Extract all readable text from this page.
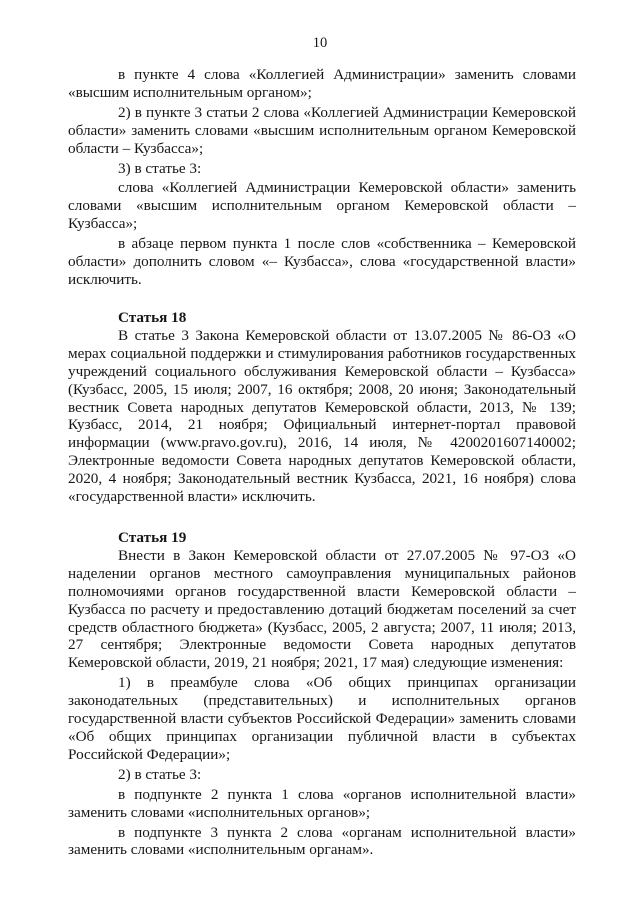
10

в пункте 4 слова «Коллегией Администрации» заменить словами «высшим исполнительным органом»;

2) в пункте 3 статьи 2 слова «Коллегией Администрации Кемеровской области» заменить словами «высшим исполнительным органом Кемеровской области – Кузбасса»;

3) в статье 3:

слова «Коллегией Администрации Кемеровской области» заменить словами «высшим исполнительным органом Кемеровской области – Кузбасса»;

в абзаце первом пункта 1 после слов «собственника – Кемеровской области» дополнить словом «– Кузбасса», слова «государственной власти» исключить.

Статья 18

В статье 3 Закона Кемеровской области от 13.07.2005 № 86-ОЗ «О мерах социальной поддержки и стимулирования работников государственных учреждений социального обслуживания Кемеровской области – Кузбасса» (Кузбасс, 2005, 15 июля; 2007, 16 октября; 2008, 20 июня; Законодательный вестник Совета народных депутатов Кемеровской области, 2013, № 139; Кузбасс, 2014, 21 ноября; Официальный интернет-портал правовой информации (www.pravo.gov.ru), 2016, 14 июля, № 4200201607140002; Электронные ведомости Совета народных депутатов Кемеровской области, 2020, 4 ноября; Законодательный вестник Кузбасса, 2021, 16 ноября) слова «государственной власти» исключить.

Статья 19

Внести в Закон Кемеровской области от 27.07.2005 № 97-ОЗ «О наделении органов местного самоуправления муниципальных районов полномочиями органов государственной власти Кемеровской области – Кузбасса по расчету и предоставлению дотаций бюджетам поселений за счет средств областного бюджета» (Кузбасс, 2005, 2 августа; 2007, 11 июля; 2013, 27 сентября; Электронные ведомости Совета народных депутатов Кемеровской области, 2019, 21 ноября; 2021, 17 мая) следующие изменения:

1) в преамбуле слова «Об общих принципах организации законодательных (представительных) и исполнительных органов государственной власти субъектов Российской Федерации» заменить словами «Об общих принципах организации публичной власти в субъектах Российской Федерации»;

2) в статье 3:

в подпункте 2 пункта 1 слова «органов исполнительной власти» заменить словами «исполнительных органов»;

в подпункте 3 пункта 2 слова «органам исполнительной власти» заменить словами «исполнительным органам».
